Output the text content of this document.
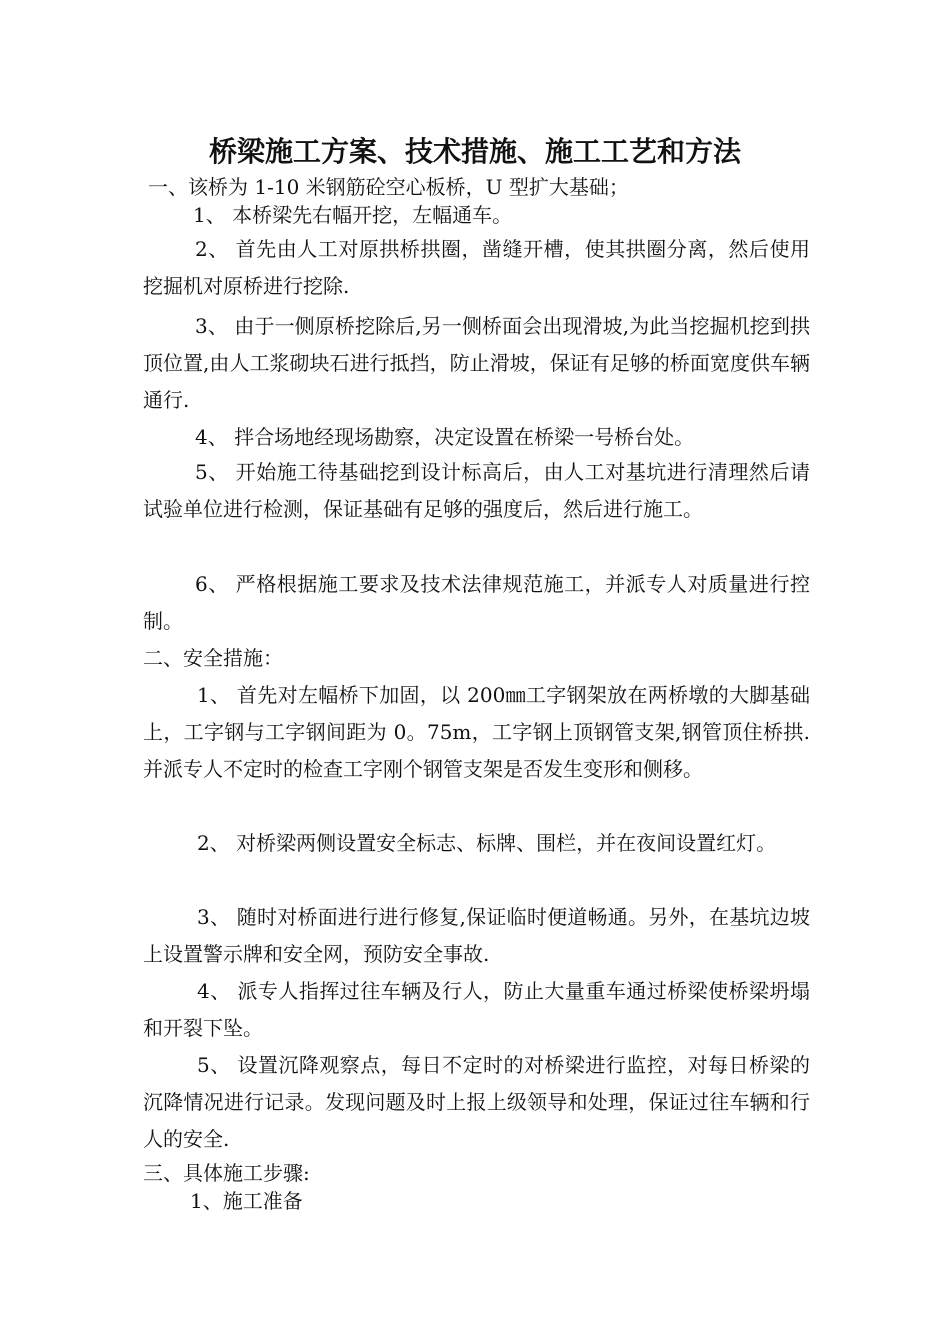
桥梁施工方案、技术措施、施工工艺和方法
一、该桥为 1-10 米钢筋砼空心板桥，U 型扩大基础；
1、 本桥梁先右幅开挖，左幅通车。
2、 首先由人工对原拱桥拱圈，凿缝开槽，使其拱圈分离，然后使用挖掘机对原桥进行挖除.
3、 由于一侧原桥挖除后,另一侧桥面会出现滑坡,为此当挖掘机挖到拱顶位置,由人工浆砌块石进行抵挡，防止滑坡，保证有足够的桥面宽度供车辆通行.
4、 拌合场地经现场勘察，决定设置在桥梁一号桥台处。
5、 开始施工待基础挖到设计标高后，由人工对基坑进行清理然后请试验单位进行检测，保证基础有足够的强度后，然后进行施工。
6、 严格根据施工要求及技术法律规范施工，并派专人对质量进行控制。
二、安全措施：
1、 首先对左幅桥下加固，以 200㎜工字钢架放在两桥墩的大脚基础上，工字钢与工字钢间距为 0。75m，工字钢上顶钢管支架,钢管顶住桥拱.并派专人不定时的检查工字刚个钢管支架是否发生变形和侧移。
2、 对桥梁两侧设置安全标志、标牌、围栏，并在夜间设置红灯。
3、 随时对桥面进行进行修复,保证临时便道畅通。另外，在基坑边坡上设置警示牌和安全网，预防安全事故.
4、 派专人指挥过往车辆及行人，防止大量重车通过桥梁使桥梁坍塌和开裂下坠。
5、 设置沉降观察点，每日不定时的对桥梁进行监控，对每日桥梁的沉降情况进行记录。发现问题及时上报上级领导和处理，保证过往车辆和行人的安全.
三、具体施工步骤:
1、施工准备
